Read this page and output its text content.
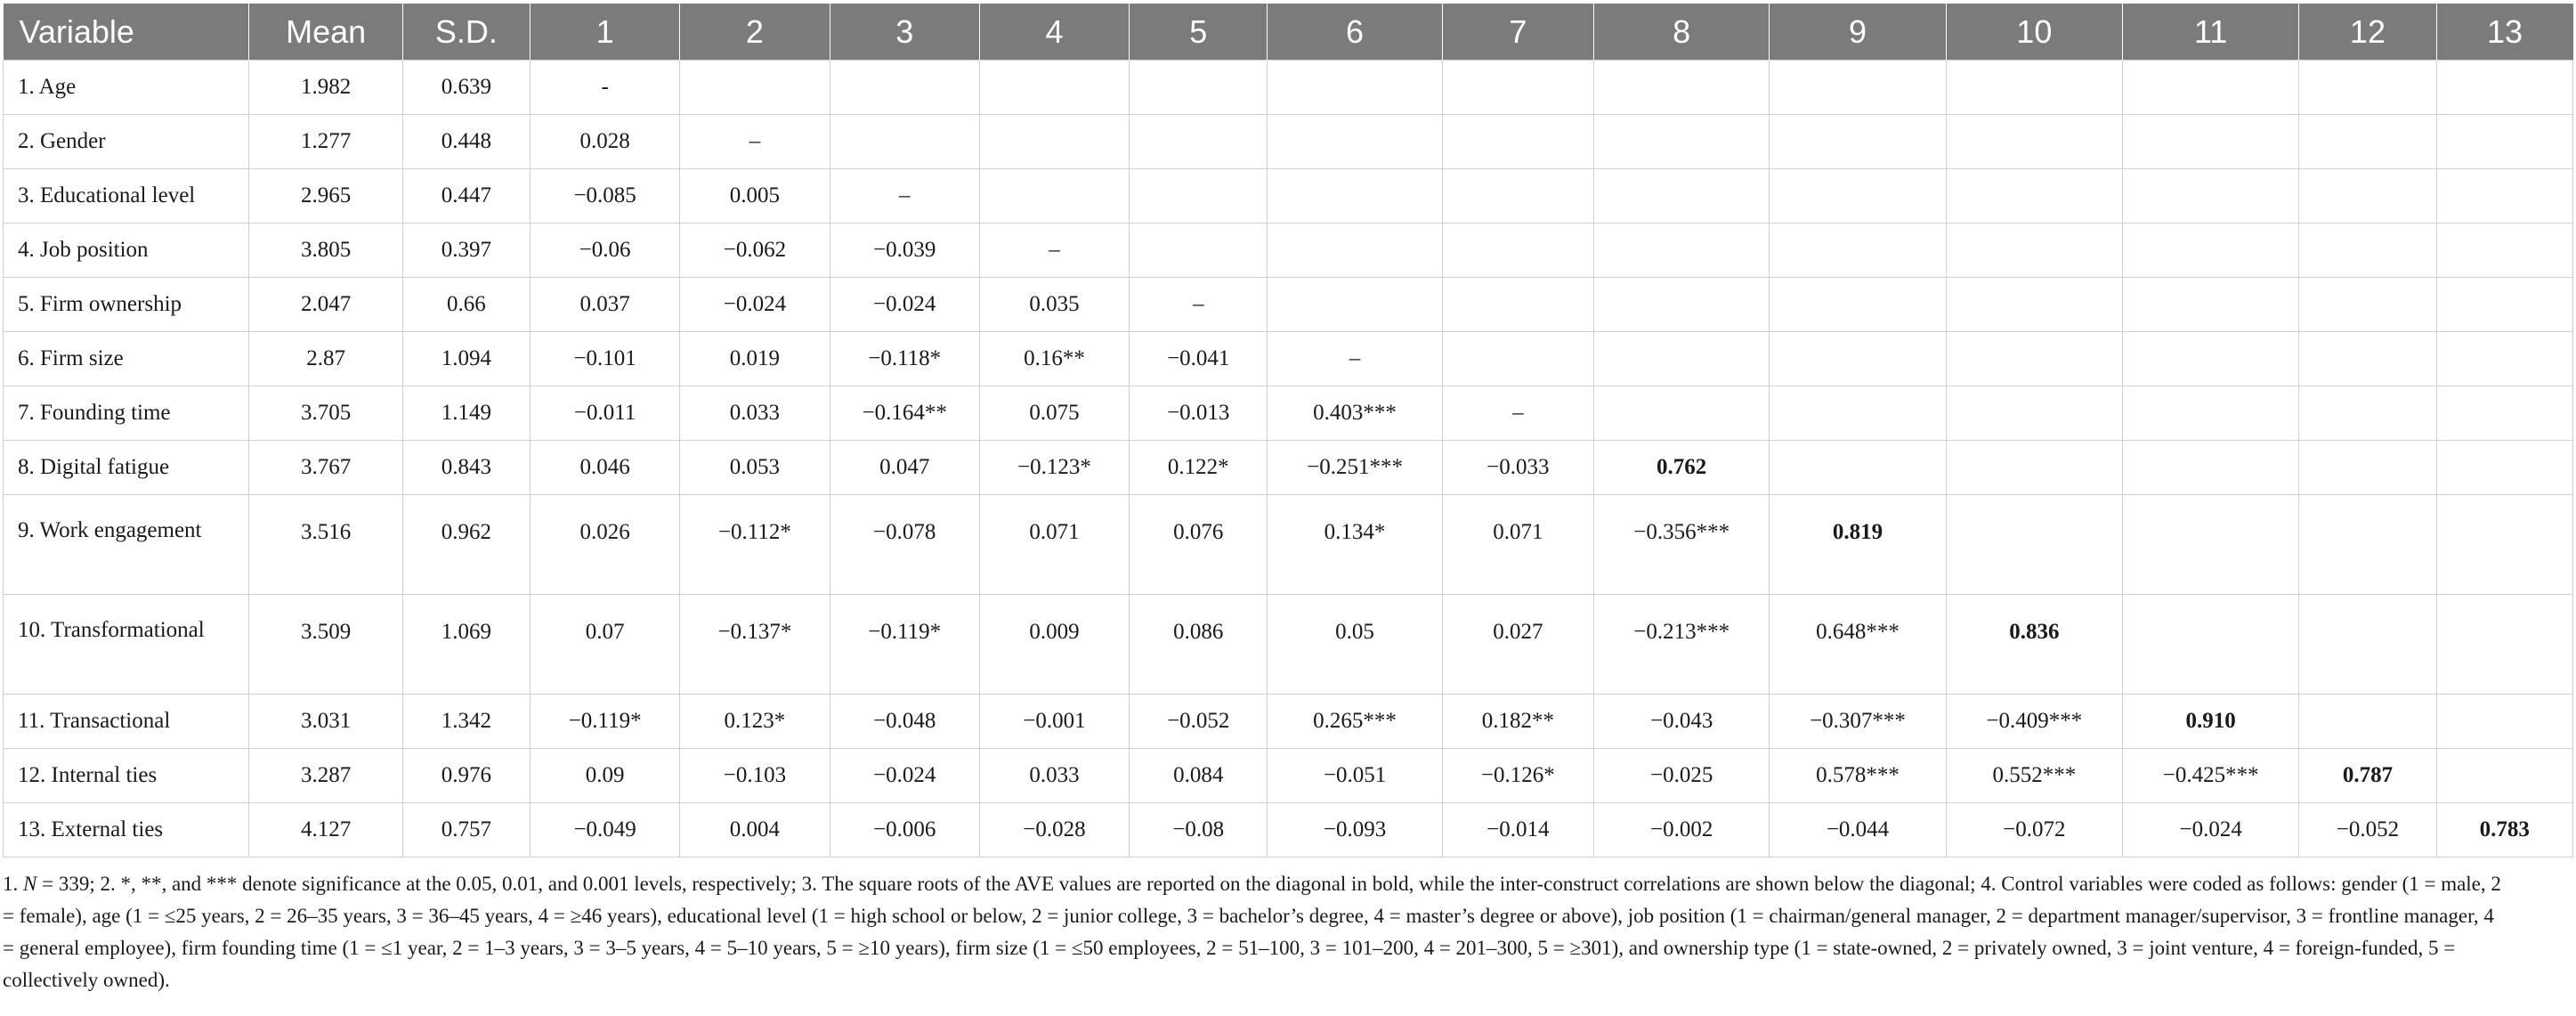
Variable	Mean	S.D.	1	2	3	4	5	6	7	8	9	10	11	12	13
1. Age	1.982	0.639	-												
2. Gender	1.277	0.448	0.028	–											
3. Educational level	2.965	0.447	−0.085	0.005	–										
4. Job position	3.805	0.397	−0.06	−0.062	−0.039	–									
5. Firm ownership	2.047	0.66	0.037	−0.024	−0.024	0.035	–								
6. Firm size	2.87	1.094	−0.101	0.019	−0.118*	0.16**	−0.041	–							
7. Founding time	3.705	1.149	−0.011	0.033	−0.164**	0.075	−0.013	0.403***	–						
8. Digital fatigue	3.767	0.843	0.046	0.053	0.047	−0.123*	0.122*	−0.251***	−0.033	0.762					
9. Work engagement	3.516	0.962	0.026	−0.112*	−0.078	0.071	0.076	0.134*	0.071	−0.356***	0.819				
10. Transformational	3.509	1.069	0.07	−0.137*	−0.119*	0.009	0.086	0.05	0.027	−0.213***	0.648***	0.836			
11. Transactional	3.031	1.342	−0.119*	0.123*	−0.048	−0.001	−0.052	0.265***	0.182**	−0.043	−0.307***	−0.409***	0.910		
12. Internal ties	3.287	0.976	0.09	−0.103	−0.024	0.033	0.084	−0.051	−0.126*	−0.025	0.578***	0.552***	−0.425***	0.787	
13. External ties	4.127	0.757	−0.049	0.004	−0.006	−0.028	−0.08	−0.093	−0.014	−0.002	−0.044	−0.072	−0.024	−0.052	0.783
1. N = 339; 2. *, **, and *** denote significance at the 0.05, 0.01, and 0.001 levels, respectively; 3. The square roots of the AVE values are reported on the diagonal in bold, while the inter-construct correlations are shown below the diagonal; 4. Control variables were coded as follows: gender (1 = male, 2 = female), age (1 = ≤25 years, 2 = 26–35 years, 3 = 36–45 years, 4 = ≥46 years), educational level (1 = high school or below, 2 = junior college, 3 = bachelor’s degree, 4 = master’s degree or above), job position (1 = chairman/general manager, 2 = department manager/supervisor, 3 = frontline manager, 4 = general employee), firm founding time (1 = ≤1 year, 2 = 1–3 years, 3 = 3–5 years, 4 = 5–10 years, 5 = ≥10 years), firm size (1 = ≤50 employees, 2 = 51–100, 3 = 101–200, 4 = 201–300, 5 = ≥301), and ownership type (1 = state-owned, 2 = privately owned, 3 = joint venture, 4 = foreign-funded, 5 = collectively owned).
